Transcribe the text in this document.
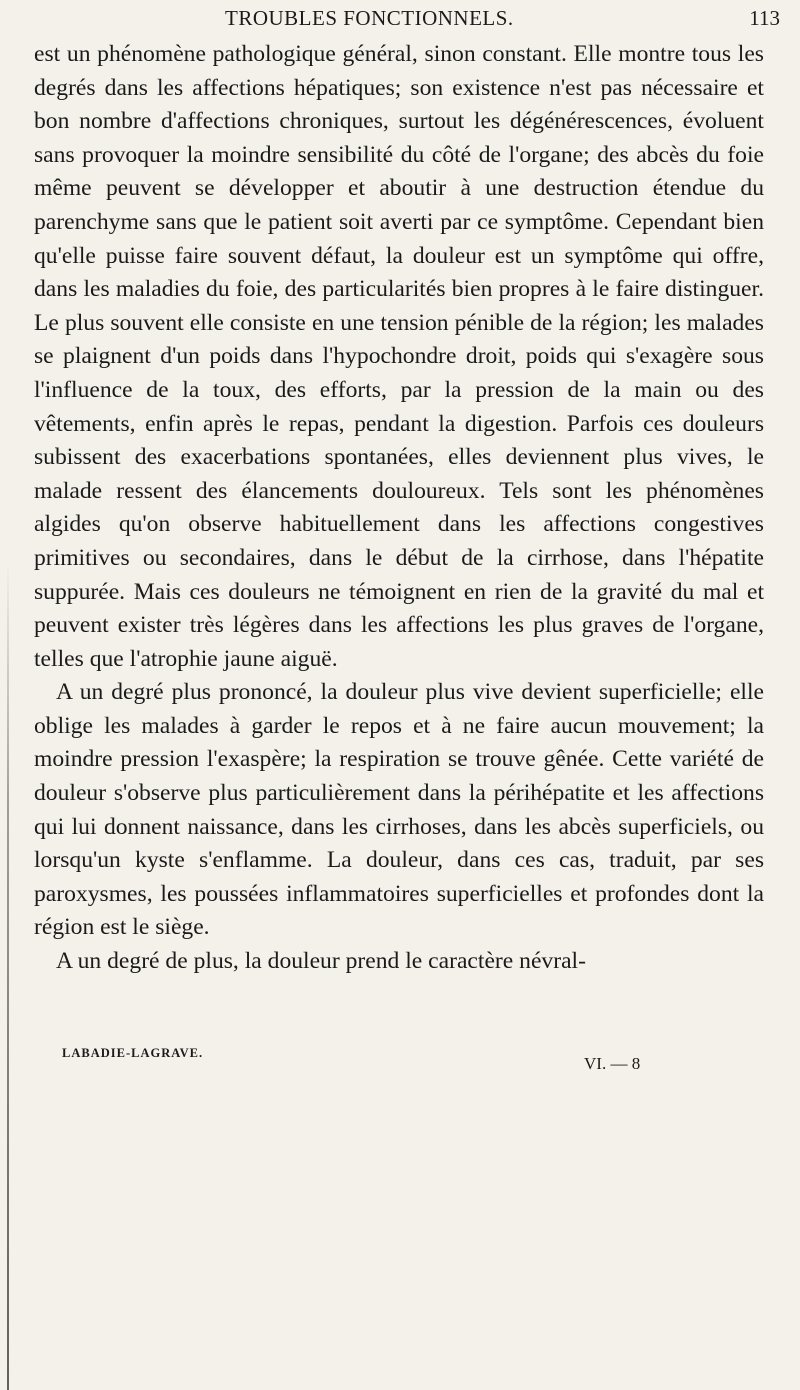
TROUBLES FONCTIONNELS.	113

est un phénomène pathologique général, sinon constant. Elle montre tous les degrés dans les affections hépatiques; son existence n'est pas nécessaire et bon nombre d'affections chroniques, surtout les dégénérescences, évoluent sans provoquer la moindre sensibilité du côté de l'organe; des abcès du foie même peuvent se développer et aboutir à une destruction étendue du parenchyme sans que le patient soit averti par ce symptôme. Cependant bien qu'elle puisse faire souvent défaut, la douleur est un symptôme qui offre, dans les maladies du foie, des particularités bien propres à le faire distinguer. Le plus souvent elle consiste en une tension pénible de la région; les malades se plaignent d'un poids dans l'hypochondre droit, poids qui s'exagère sous l'influence de la toux, des efforts, par la pression de la main ou des vêtements, enfin après le repas, pendant la digestion. Parfois ces douleurs subissent des exacerbations spontanées, elles deviennent plus vives, le malade ressent des élancements douloureux. Tels sont les phénomènes algides qu'on observe habituellement dans les affections congestives primitives ou secondaires, dans le début de la cirrhose, dans l'hépatite suppurée. Mais ces douleurs ne témoignent en rien de la gravité du mal et peuvent exister très légères dans les affections les plus graves de l'organe, telles que l'atrophie jaune aiguë.

A un degré plus prononcé, la douleur plus vive devient superficielle; elle oblige les malades à garder le repos et à ne faire aucun mouvement; la moindre pression l'exaspère; la respiration se trouve gênée. Cette variété de douleur s'observe plus particulièrement dans la périhépatite et les affections qui lui donnent naissance, dans les cirrhoses, dans les abcès superficiels, ou lorsqu'un kyste s'enflamme. La douleur, dans ces cas, traduit, par ses paroxysmes, les poussées inflammatoires superficielles et profondes dont la région est le siège.

A un degré de plus, la douleur prend le caractère névral-

LABADIE-LAGRAVE.
VI. — 8
